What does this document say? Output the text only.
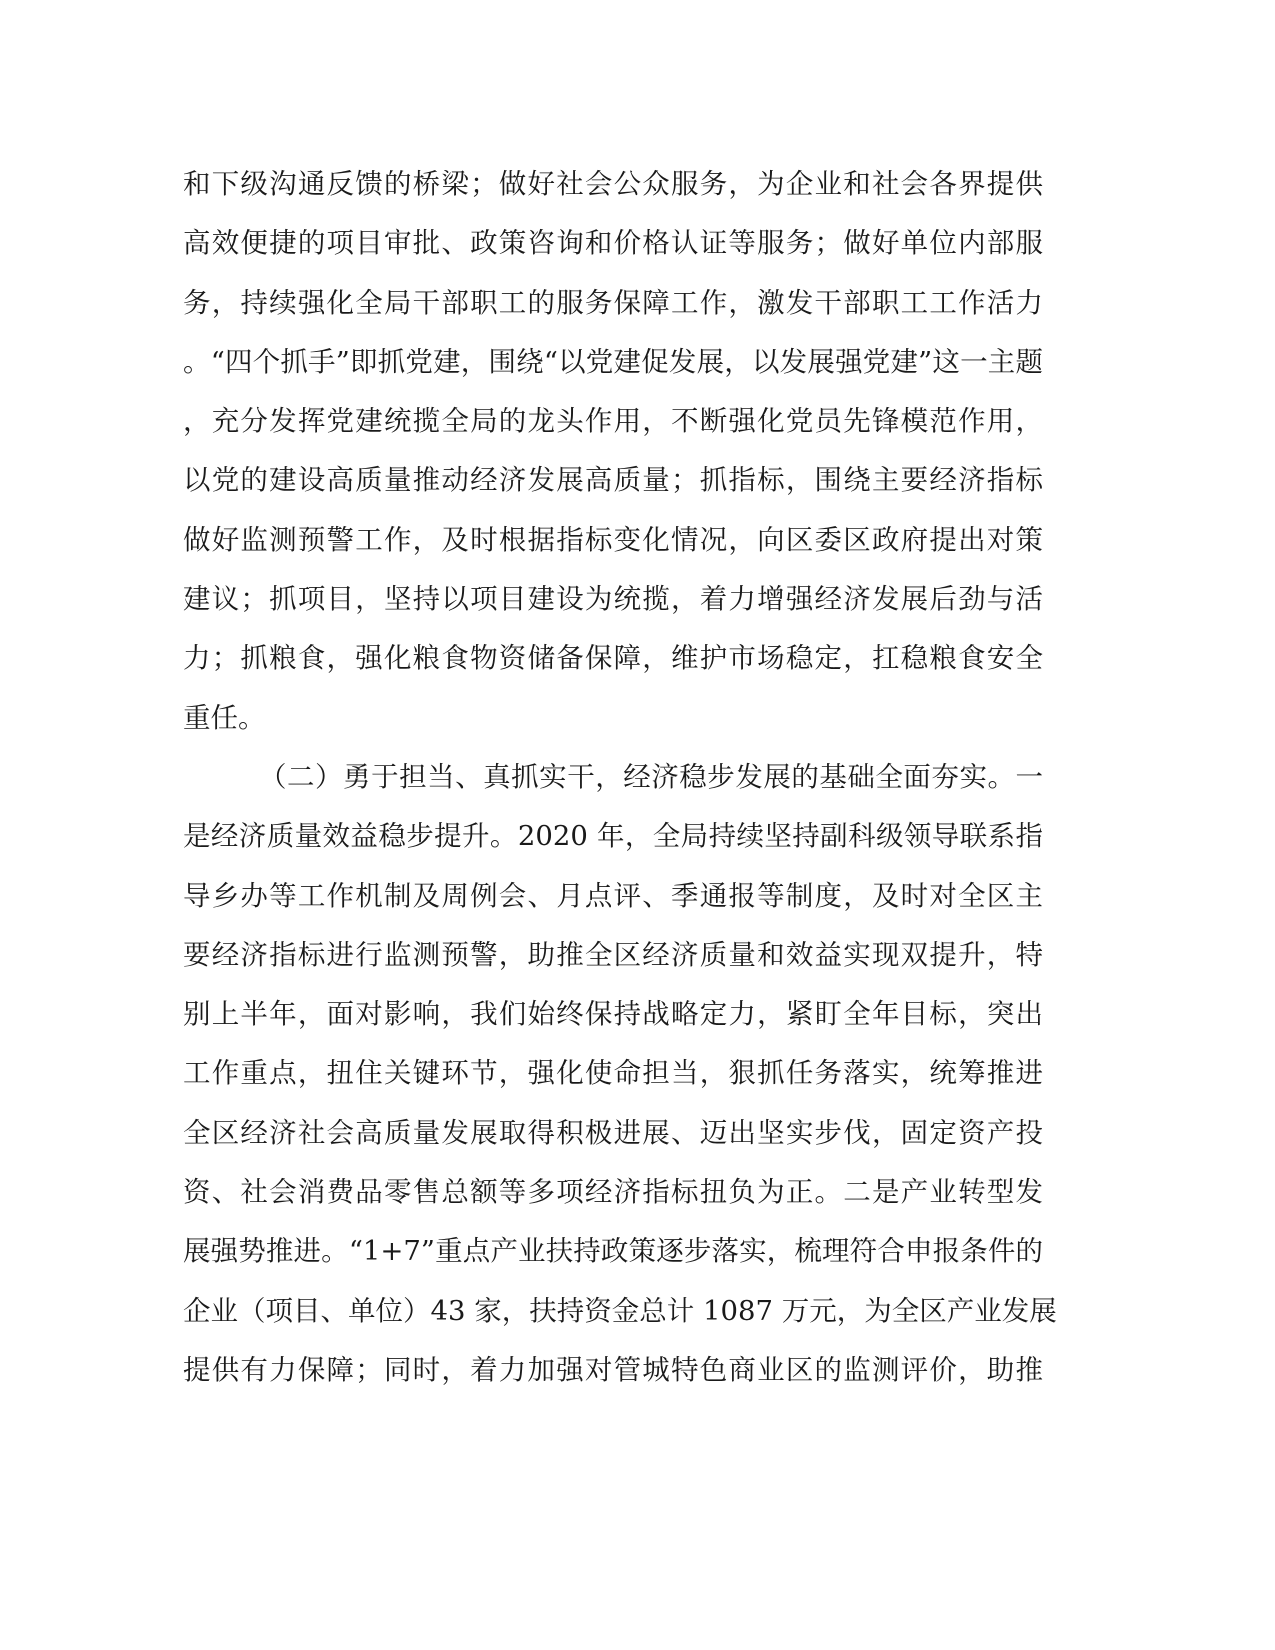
和下级沟通反馈的桥梁；做好社会公众服务，为企业和社会各界提供
高效便捷的项目审批、政策咨询和价格认证等服务；做好单位内部服
务，持续强化全局干部职工的服务保障工作，激发干部职工工作活力
。“四个抓手”即抓党建，围绕“以党建促发展，以发展强党建”这一主题
，充分发挥党建统揽全局的龙头作用，不断强化党员先锋模范作用，
以党的建设高质量推动经济发展高质量；抓指标，围绕主要经济指标
做好监测预警工作，及时根据指标变化情况，向区委区政府提出对策
建议；抓项目，坚持以项目建设为统揽，着力增强经济发展后劲与活
力；抓粮食，强化粮食物资储备保障，维护市场稳定，扛稳粮食安全
重任。
（二）勇于担当、真抓实干，经济稳步发展的基础全面夯实。一
是经济质量效益稳步提升。2020 年，全局持续坚持副科级领导联系指
导乡办等工作机制及周例会、月点评、季通报等制度，及时对全区主
要经济指标进行监测预警，助推全区经济质量和效益实现双提升，特
别上半年，面对影响，我们始终保持战略定力，紧盯全年目标，突出
工作重点，扭住关键环节，强化使命担当，狠抓任务落实，统筹推进
全区经济社会高质量发展取得积极进展、迈出坚实步伐，固定资产投
资、社会消费品零售总额等多项经济指标扭负为正。二是产业转型发
展强势推进。“1+7”重点产业扶持政策逐步落实，梳理符合申报条件的
企业（项目、单位）43 家，扶持资金总计 1087 万元，为全区产业发展
提供有力保障；同时，着力加强对管城特色商业区的监测评价，助推
